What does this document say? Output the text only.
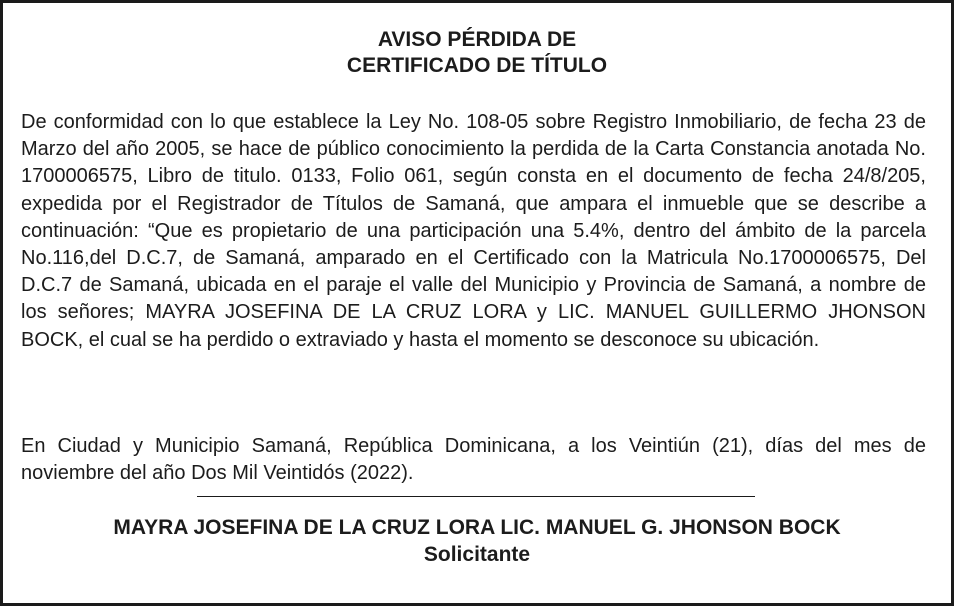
AVISO PÉRDIDA DE
CERTIFICADO DE TÍTULO
De conformidad con lo que establece la Ley No. 108-05 sobre Registro Inmobiliario, de fecha 23 de Marzo del año 2005, se hace de público conocimiento la perdida de la Carta Constancia anotada No. 1700006575, Libro de titulo. 0133, Folio 061, según consta en el documento de fecha 24/8/205, expedida por el Registrador de Títulos de Samaná, que ampara el inmueble que se describe a continuación: “Que es propietario de una participación una 5.4%, dentro del ámbito de la parcela No.116,del D.C.7, de Samaná, amparado en el Certificado con la Matricula No.1700006575, Del D.C.7 de Samaná, ubicada en el paraje el valle del Municipio y Provincia de Samaná, a nombre de los señores; MAYRA JOSEFINA DE LA CRUZ LORA y LIC. MANUEL GUILLERMO JHONSON BOCK, el cual se ha perdido o extraviado y hasta el momento se desconoce su ubicación.
En Ciudad y Municipio Samaná, República Dominicana, a los Veintiún (21), días del mes de noviembre del año Dos Mil Veintidós (2022).
MAYRA JOSEFINA DE LA CRUZ LORA LIC. MANUEL G. JHONSON BOCK
Solicitante
